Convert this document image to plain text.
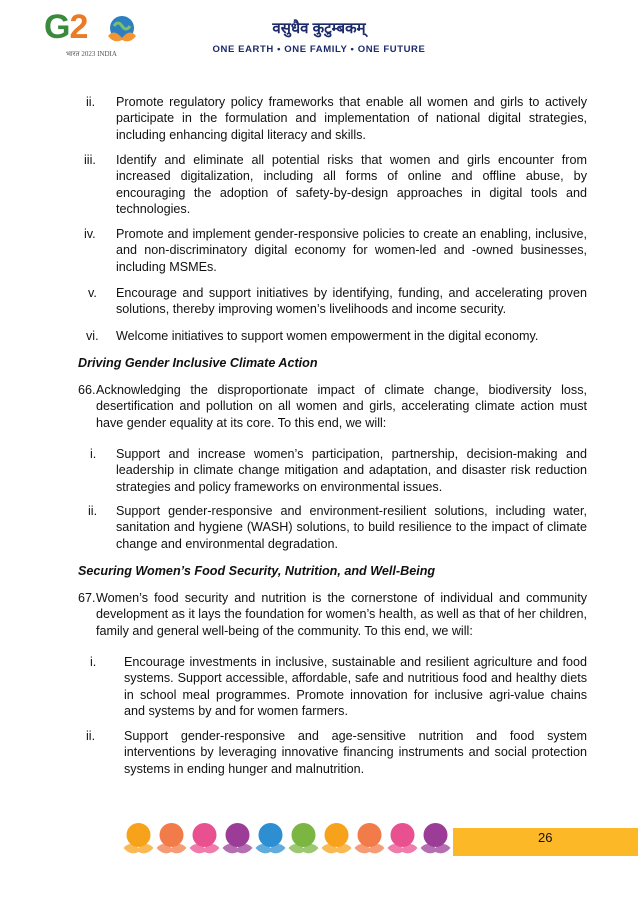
G2
भारत 2023 INDIA
वसुधैव कुटुम्बकम्
ONE EARTH • ONE FAMILY • ONE FUTURE
ii. Promote regulatory policy frameworks that enable all women and girls to actively participate in the formulation and implementation of national digital strategies, including enhancing digital literacy and skills.
iii. Identify and eliminate all potential risks that women and girls encounter from increased digitalization, including all forms of online and offline abuse, by encouraging the adoption of safety-by-design approaches in digital tools and technologies.
iv. Promote and implement gender-responsive policies to create an enabling, inclusive, and non-discriminatory digital economy for women-led and -owned businesses, including MSMEs.
v. Encourage and support initiatives by identifying, funding, and accelerating proven solutions, thereby improving women’s livelihoods and income security.
vi. Welcome initiatives to support women empowerment in the digital economy.
Driving Gender Inclusive Climate Action
66. Acknowledging the disproportionate impact of climate change, biodiversity loss, desertification and pollution on all women and girls, accelerating climate action must have gender equality at its core. To this end, we will:
i. Support and increase women’s participation, partnership, decision-making and leadership in climate change mitigation and adaptation, and disaster risk reduction strategies and policy frameworks on environmental issues.
ii. Support gender-responsive and environment-resilient solutions, including water, sanitation and hygiene (WASH) solutions, to build resilience to the impact of climate change and environmental degradation.
Securing Women’s Food Security, Nutrition, and Well-Being
67. Women’s food security and nutrition is the cornerstone of individual and community development as it lays the foundation for women’s health, as well as that of her children, family and general well-being of the community. To this end, we will:
i. Encourage investments in inclusive, sustainable and resilient agriculture and food systems. Support accessible, affordable, safe and nutritious food and healthy diets in school meal programmes. Promote innovation for inclusive agri-value chains and systems by and for women farmers.
ii. Support gender-responsive and age-sensitive nutrition and food system interventions by leveraging innovative financing instruments and social protection systems in ending hunger and malnutrition.
26
